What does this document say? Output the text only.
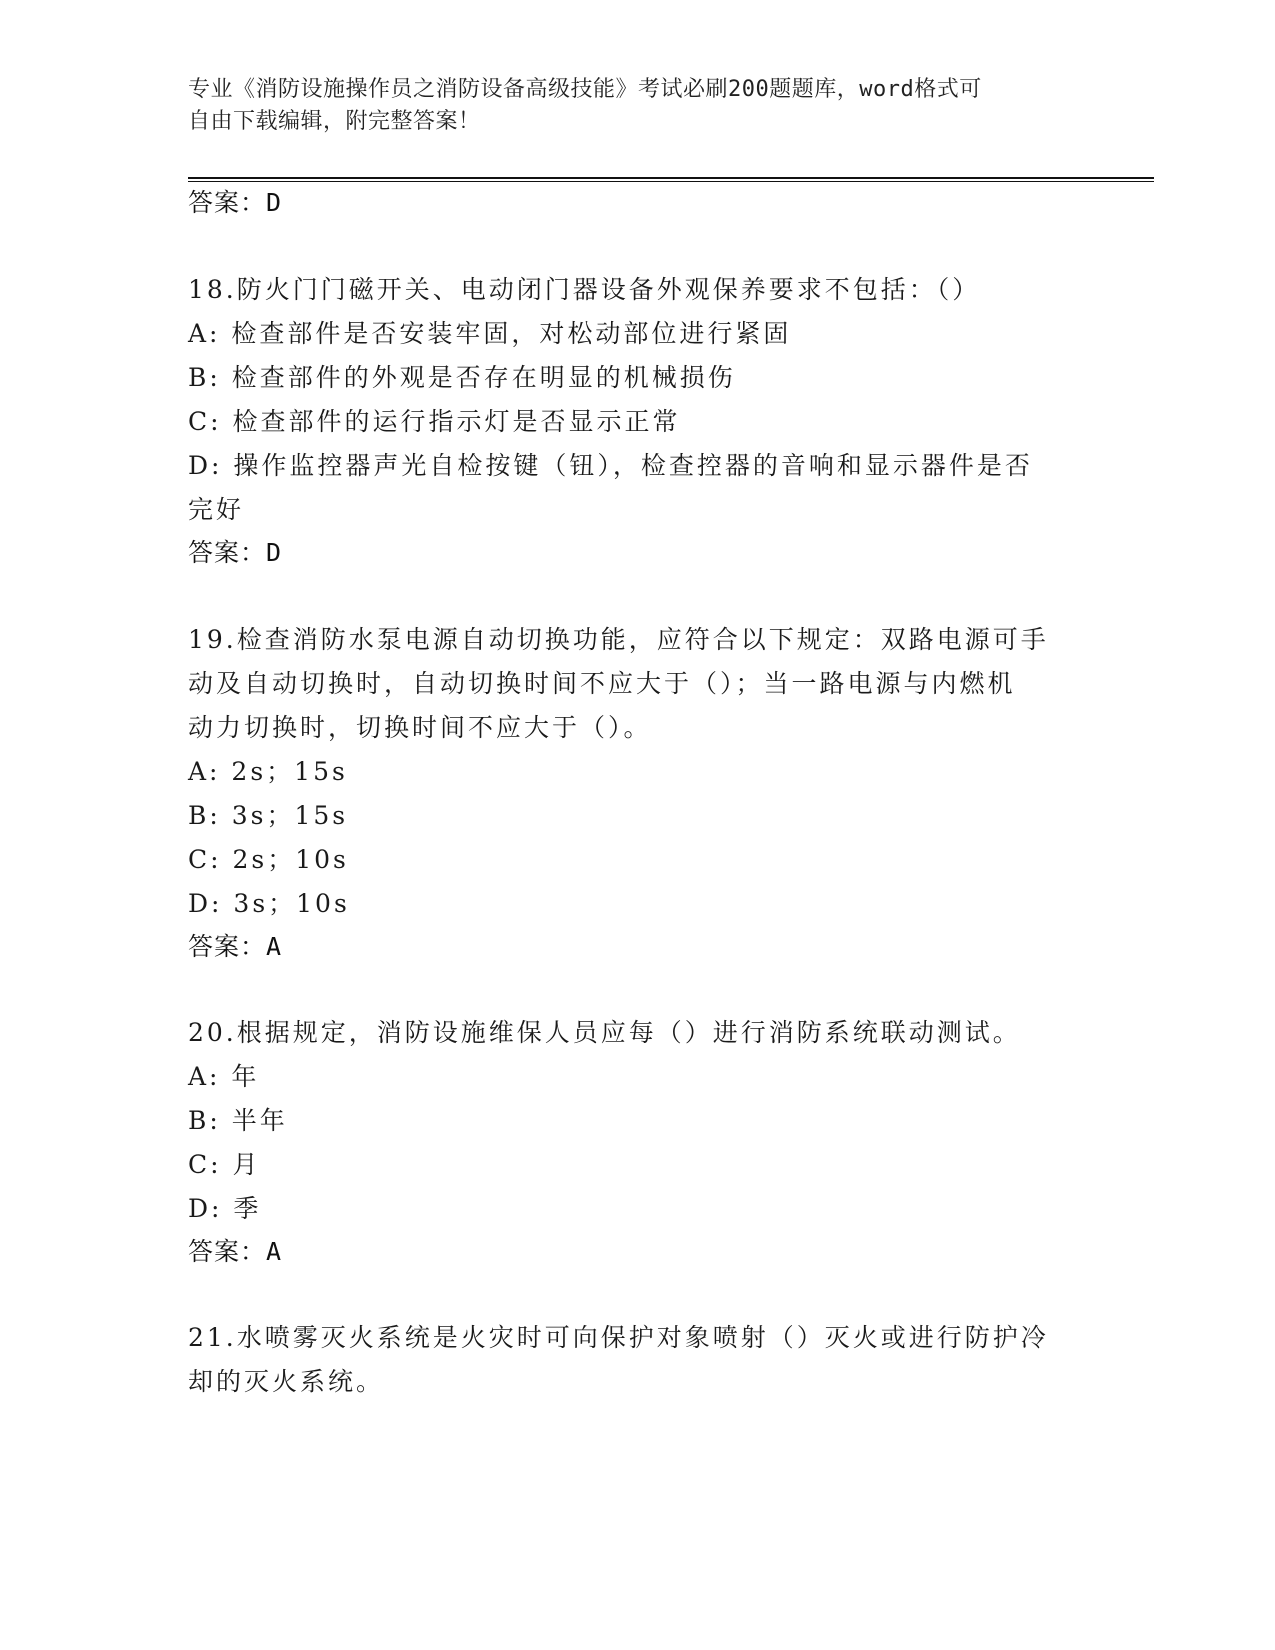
专业《消防设施操作员之消防设备高级技能》考试必刷200题题库，word格式可
自由下载编辑，附完整答案！
答案：D
18.防火门门磁开关、电动闭门器设备外观保养要求不包括：（）
A: 检查部件是否安装牢固，对松动部位进行紧固
B: 检查部件的外观是否存在明显的机械损伤
C: 检查部件的运行指示灯是否显示正常
D: 操作监控器声光自检按键（钮），检查控器的音响和显示器件是否
完好
答案：D
19.检查消防水泵电源自动切换功能，应符合以下规定：双路电源可手
动及自动切换时，自动切换时间不应大于（）；当一路电源与内燃机
动力切换时，切换时间不应大于（）。
A: 2s；15s
B: 3s；15s
C: 2s；10s
D: 3s；10s
答案：A
20.根据规定，消防设施维保人员应每（）进行消防系统联动测试。
A: 年
B: 半年
C: 月
D: 季
答案：A
21.水喷雾灭火系统是火灾时可向保护对象喷射（）灭火或进行防护冷
却的灭火系统。
